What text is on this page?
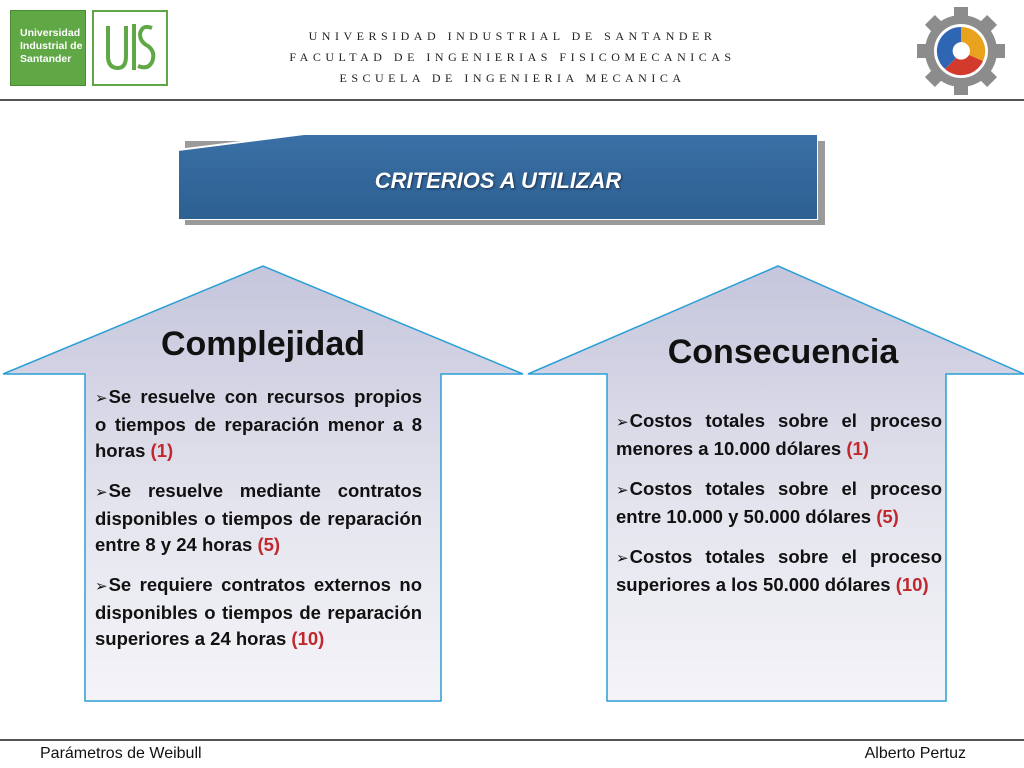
Universidad
Industrial de
Santander
UNIVERSIDAD INDUSTRIAL DE SANTANDER
FACULTAD DE INGENIERIAS FISICOMECANICAS
ESCUELA DE INGENIERIA MECANICA
CRITERIOS A UTILIZAR
Complejidad	Consecuencia

➢Se resuelve con recursos propios o tiempos de reparación menor a 8 horas (1)

➢Se resuelve mediante contratos disponibles o tiempos de reparación entre 8 y 24 horas (5)

➢Se requiere contratos externos no disponibles o tiempos de reparación superiores a 24 horas (10)

➢Costos totales sobre el proceso menores a 10.000 dólares (1)

➢Costos totales sobre el proceso entre 10.000 y 50.000 dólares (5)

➢Costos totales sobre el proceso superiores a los 50.000 dólares (10)

Parámetros de Weibull	Alberto Pertuz
